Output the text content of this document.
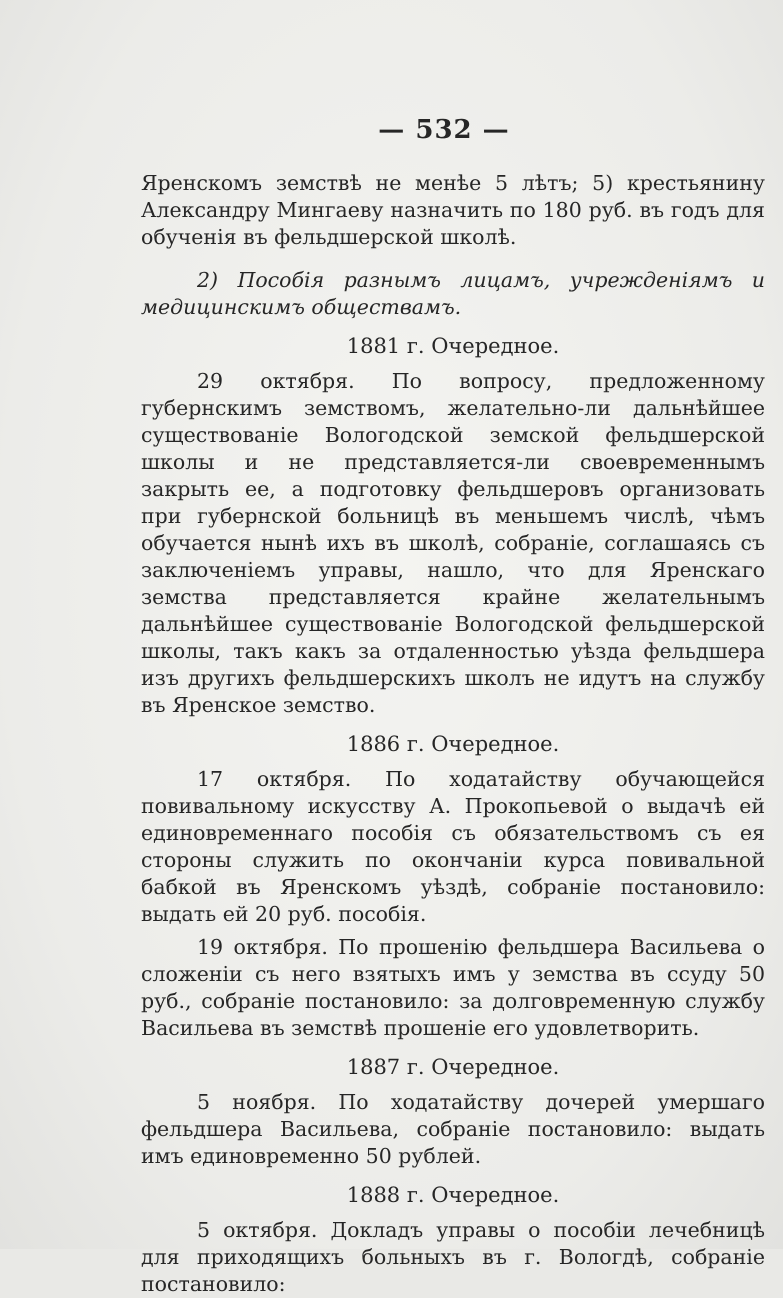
— 532 —

Яренскомъ земствѣ не менѣе 5 лѣтъ; 5) крестьянину Александру Мингаеву назначить по 180 руб. въ годъ для обученія въ фельдшерской школѣ.

2) Пособія разнымъ лицамъ, учрежденіямъ и медицинскимъ обществамъ.

1881 г. Очередное.

29 октября. По вопросу, предложенному губернскимъ земствомъ, желательно-ли дальнѣйшее существованіе Вологодской земской фельдшерской школы и не представляется-ли своевременнымъ закрыть ее, а подготовку фельдшеровъ организовать при губернской больницѣ въ меньшемъ числѣ, чѣмъ обучается нынѣ ихъ въ школѣ, собраніе, соглашаясь съ заключеніемъ управы, нашло, что для Яренскаго земства представляется крайне желательнымъ дальнѣйшее существованіе Вологодской фельдшерской школы, такъ какъ за отдаленностью уѣзда фельдшера изъ другихъ фельдшерскихъ школъ не идутъ на службу въ Яренское земство.

1886 г. Очередное.

17 октября. По ходатайству обучающейся повивальному искусству А. Прокопьевой о выдачѣ ей единовременнаго пособія съ обязательствомъ съ ея стороны служить по окончаніи курса повивальной бабкой въ Яренскомъ уѣздѣ, собраніе постановило: выдать ей 20 руб. пособія.

19 октября. По прошенію фельдшера Васильева о сложеніи съ него взятыхъ имъ у земства въ ссуду 50 руб., собраніе постановило: за долговременную службу Васильева въ земствѣ прошеніе его удовлетворить.

1887 г. Очередное.

5 ноября. По ходатайству дочерей умершаго фельдшера Васильева, собраніе постановило: выдать имъ единовременно 50 рублей.

1888 г. Очередное.

5 октября. Докладъ управы о пособіи лечебницѣ для приходящихъ больныхъ въ г. Вологдѣ, собраніе постановило:
